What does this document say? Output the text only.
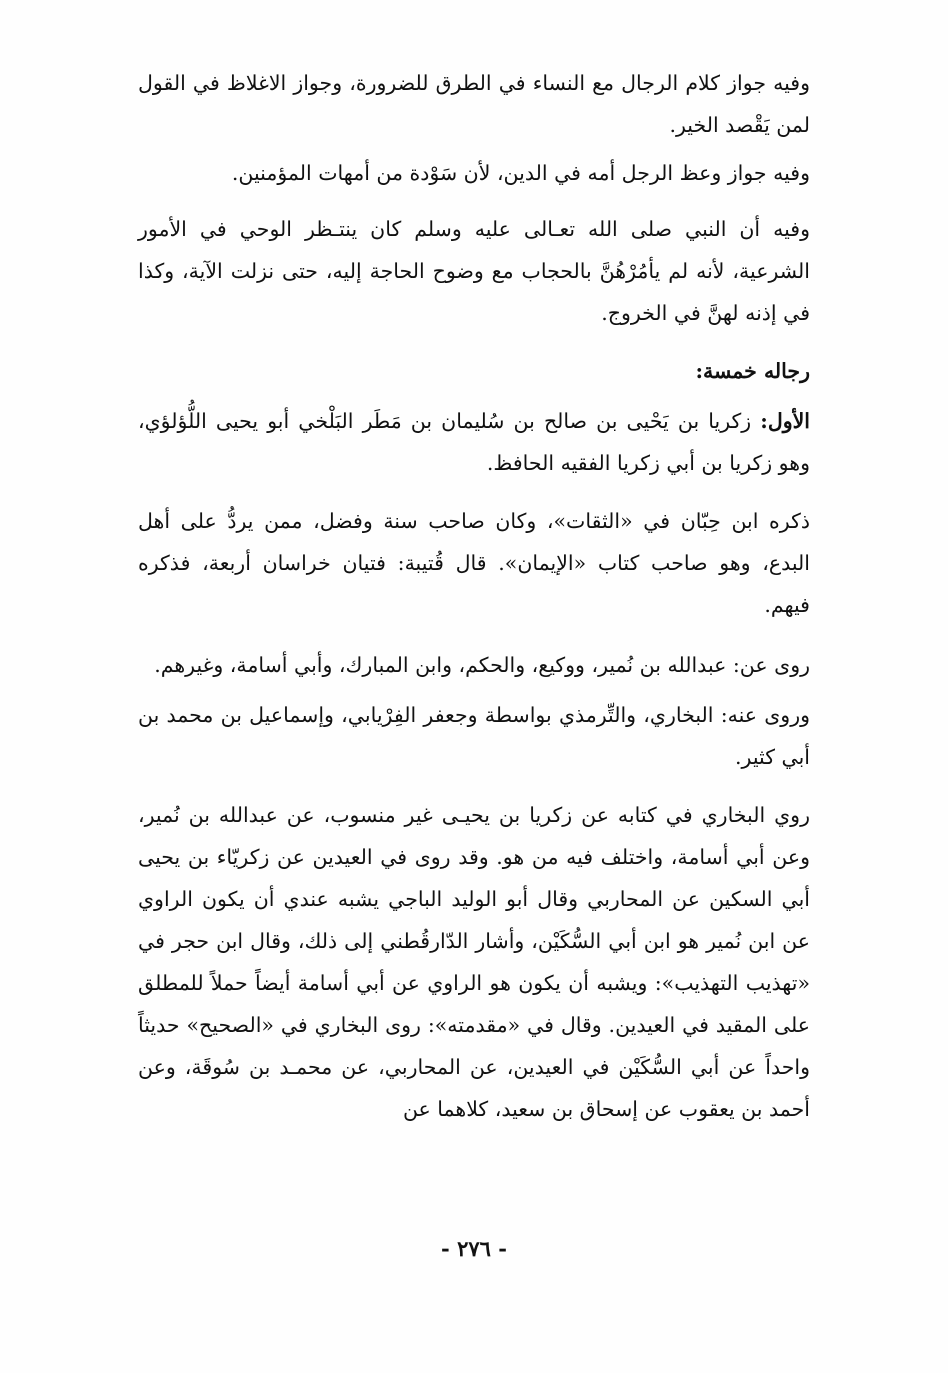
وفيه جواز كلام الرجال مع النساء في الطرق للضرورة، وجواز الاغلاظ في القول لمن يَقْصد الخير.

وفيه جواز وعظ الرجل أمه في الدين، لأن سَوْدة من أمهات المؤمنين.

وفيه أن النبي صلى الله تعـالى عليه وسلم كان ينتـظر الوحي في الأمور الشرعية، لأنه لم يأمُرْهُنَّ بالحجاب مع وضوح الحاجة إليه، حتى نزلت الآية، وكذا في إذنه لهنَّ في الخروج.

رجاله خمسة:

الأول: زكريا بن يَحْيى بن صالح بن سُليمان بن مَطَر البَلْخي أبو يحيى اللُّؤلؤي، وهو زكريا بن أبي زكريا الفقيه الحافظ.

ذكره ابن حِبّان في «الثقات»، وكان صاحب سنة وفضل، ممن يردُّ على أهل البدع، وهو صاحب كتاب «الإيمان». قال قُتيبة: فتيان خراسان أربعة، فذكره فيهم.

روى عن: عبدالله بن نُمير، ووكيع، والحكم، وابن المبارك، وأبي أسامة، وغيرهم.

وروى عنه: البخاري، والتِّرمذي بواسطة وجعفر الفِرْيابي، وإسماعيل بن محمد بن أبي كثير.

روي البخاري في كتابه عن زكريا بن يحيـى غير منسوب، عن عبدالله بن نُمير، وعن أبي أسامة، واختلف فيه من هو. وقد روى في العيدين عن زكريّاء بن يحيى أبي السكين عن المحاربي وقال أبو الوليد الباجي يشبه عندي أن يكون الراوي عن ابن نُمير هو ابن أبي السُّكَيْن، وأشار الدّارقُطني إلى ذلك، وقال ابن حجر في «تهذيب التهذيب»: ويشبه أن يكون هو الراوي عن أبي أسامة أيضاً حملاً للمطلق على المقيد في العيدين. وقال في «مقدمته»: روى البخاري في «الصحيح» حديثاً واحداً عن أبي السُّكَيْن في العيدين، عن المحاربي، عن محمـد بن سُوقَة، وعن أحمد بن يعقوب عن إسحاق بن سعيد، كلاهما عن

- ٢٧٦ -
